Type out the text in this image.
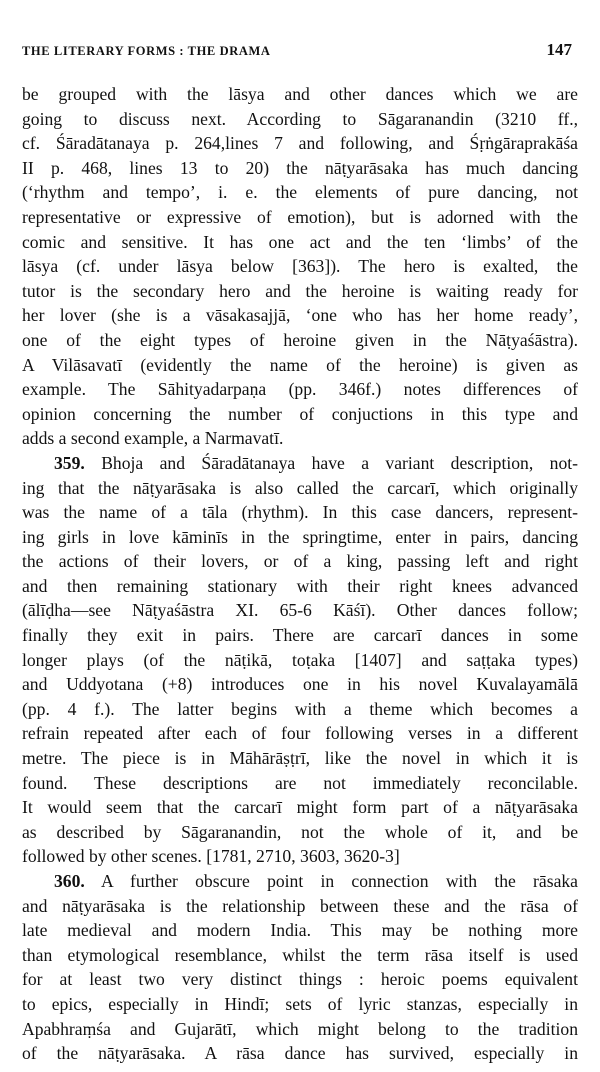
THE LITERARY FORMS : THE DRAMA	147
be grouped with the lāsya and other dances which we are
going to discuss next. According to Sāgaranandin (3210 ff.,
cf. Śāradātanaya p. 264,lines 7 and following, and Śṛṅgāraprakāśa
II p. 468, lines 13 to 20) the nāṭyarāsaka has much dancing
(‘rhythm and tempo’, i. e. the elements of pure dancing, not
representative or expressive of emotion), but is adorned with the
comic and sensitive. It has one act and the ten ‘limbs’ of the
lāsya (cf. under lāsya below [363]). The hero is exalted, the
tutor is the secondary hero and the heroine is waiting ready for
her lover (she is a vāsakasajjā, ‘one who has her home ready’,
one of the eight types of heroine given in the Nāṭyaśāstra).
A Vilāsavatī (evidently the name of the heroine) is given as
example. The Sāhityadarpaṇa (pp. 346f.) notes differences of
opinion concerning the number of conjuctions in this type and
adds a second example, a Narmavatī.
359. Bhoja and Śāradātanaya have a variant description, not-
ing that the nāṭyarāsaka is also called the carcarī, which originally
was the name of a tāla (rhythm). In this case dancers, represent-
ing girls in love kāminīs in the springtime, enter in pairs, dancing
the actions of their lovers, or of a king, passing left and right
and then remaining stationary with their right knees advanced
(ālīḍha—see Nāṭyaśāstra XI. 65-6 Kāśī). Other dances follow;
finally they exit in pairs. There are carcarī dances in some
longer plays (of the nāṭikā, toṭaka [1407] and saṭṭaka types)
and Uddyotana (+8) introduces one in his novel Kuvalayamālā
(pp. 4 f.). The latter begins with a theme which becomes a
refrain repeated after each of four following verses in a different
metre. The piece is in Māhārāṣṭrī, like the novel in which it is
found. These descriptions are not immediately reconcilable.
It would seem that the carcarī might form part of a nāṭyarāsaka
as described by Sāgaranandin, not the whole of it, and be
followed by other scenes. [1781, 2710, 3603, 3620-3]
360. A further obscure point in connection with the rāsaka
and nāṭyarāsaka is the relationship between these and the rāsa of
late medieval and modern India. This may be nothing more
than etymological resemblance, whilst the term rāsa itself is used
for at least two very distinct things : heroic poems equivalent
to epics, especially in Hindī; sets of lyric stanzas, especially in
Apabhraṃśa and Gujarātī, which might belong to the tradition
of the nāṭyarāsaka. A rāsa dance has survived, especially in
